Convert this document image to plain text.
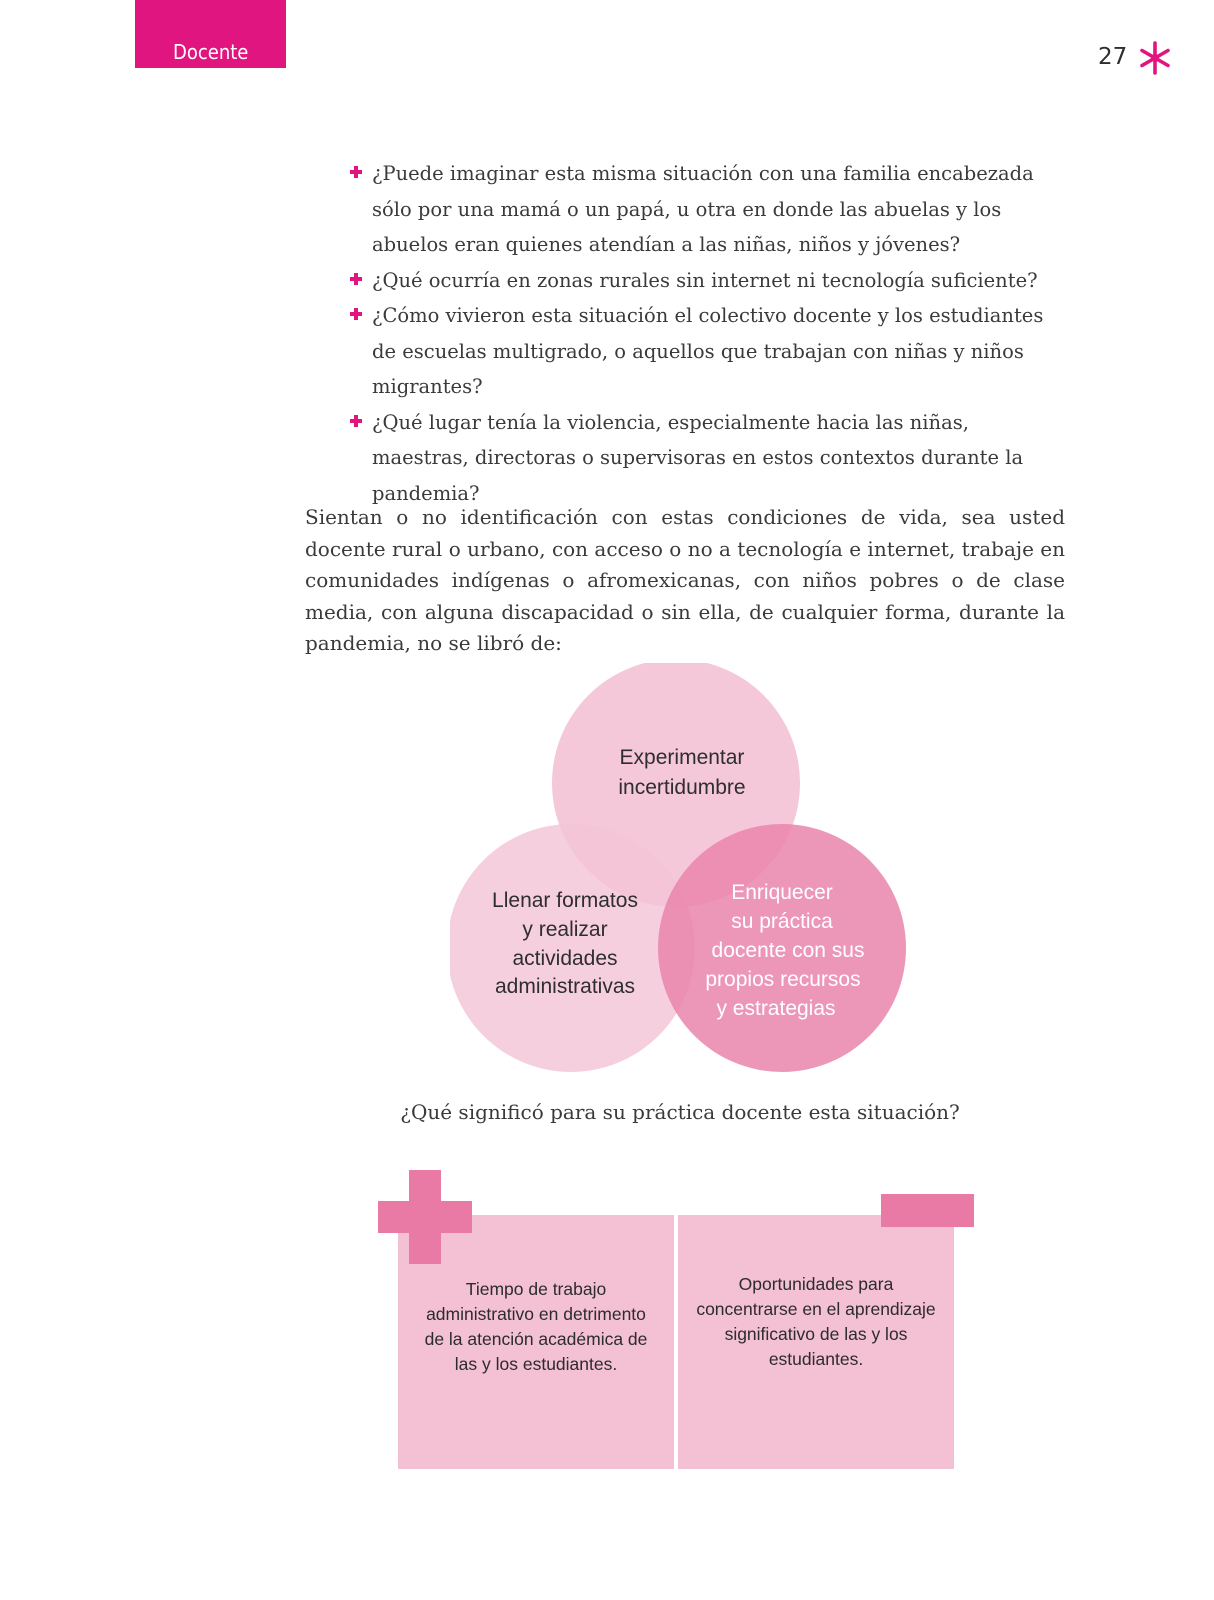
Docente	27
¿Puede imaginar esta misma situación con una familia encabezada sólo por una mamá o un papá, u otra en donde las abuelas y los abuelos eran quienes atendían a las niñas, niños y jóvenes?
¿Qué ocurría en zonas rurales sin internet ni tecnología suficiente?
¿Cómo vivieron esta situación el colectivo docente y los estudiantes de escuelas multigrado, o aquellos que trabajan con niñas y niños migrantes?
¿Qué lugar tenía la violencia, especialmente hacia las niñas, maestras, directoras o supervisoras en estos contextos durante la pandemia?

Sientan o no identificación con estas condiciones de vida, sea usted docente rural o urbano, con acceso o no a tecnología e internet, trabaje en comunidades indígenas o afromexicanas, con niños pobres o de clase media, con alguna discapacidad o sin ella, de cualquier forma, durante la pandemia, no se libró de:

Experimentar
incertidumbre
Llenar formatos
y realizar
actividades
administrativas
Enriquecer
su práctica
docente con sus
propios recursos
y estrategias

¿Qué significó para su práctica docente esta situación?

Tiempo de trabajo administrativo en detrimento de la atención académica de las y los estudiantes.
Oportunidades para concentrarse en el aprendizaje significativo de las y los estudiantes.
